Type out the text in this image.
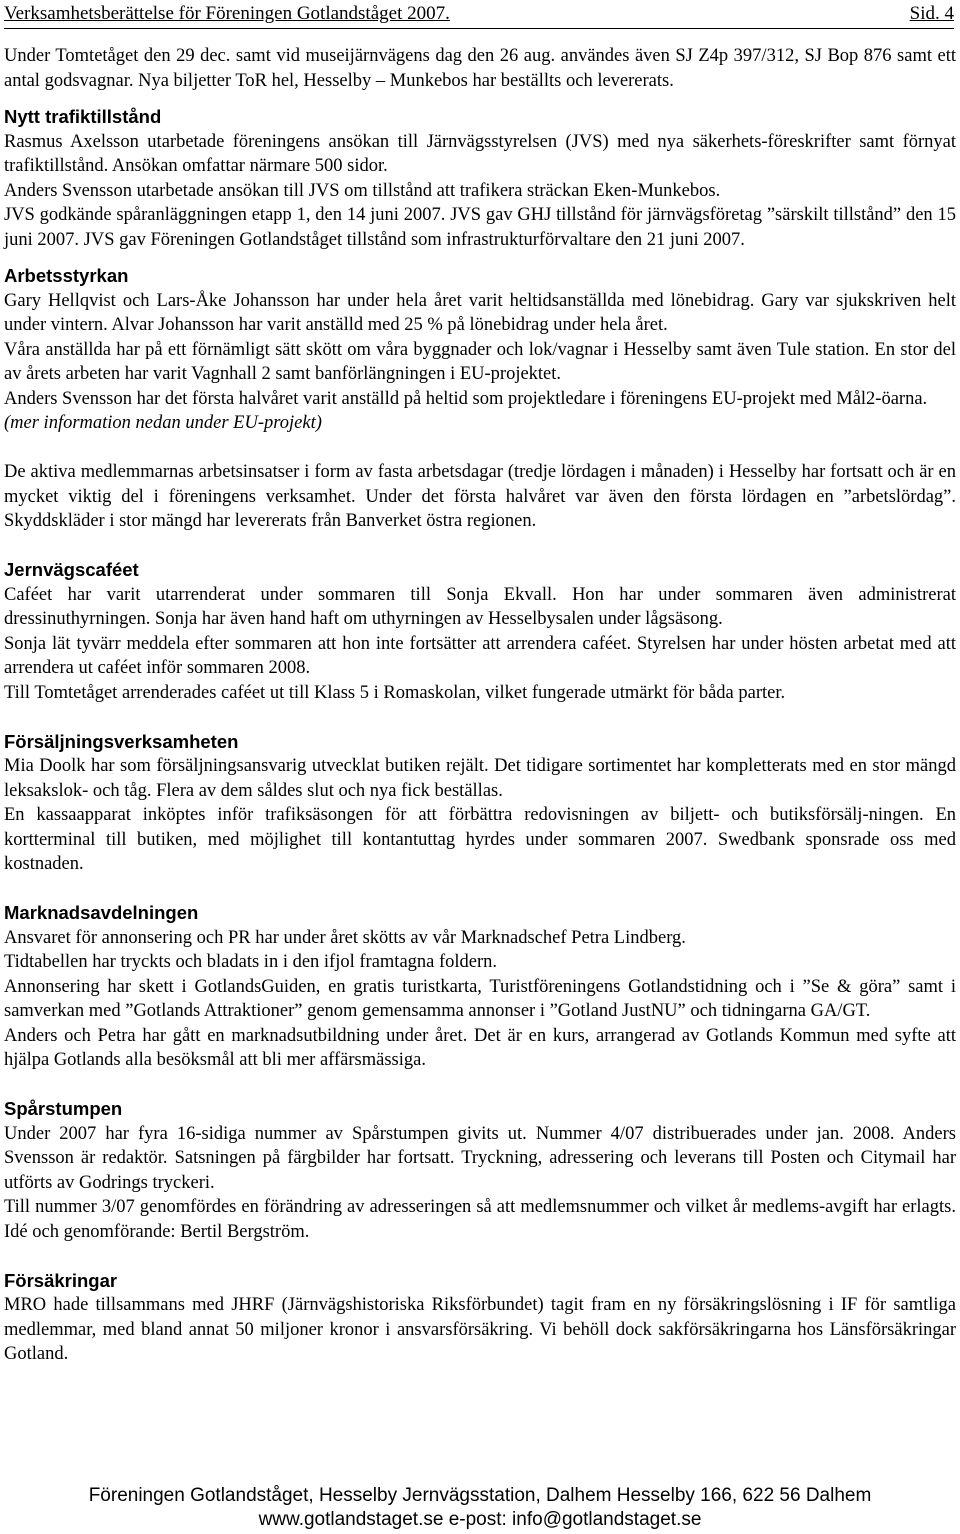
Verksamhetsberättelse för Föreningen Gotlandståget 2007.	Sid. 4

Under Tomtetåget den 29 dec. samt vid museijärnvägens dag den 26 aug. användes även SJ Z4p 397/312, SJ Bop 876 samt ett antal godsvagnar. Nya biljetter ToR hel, Hesselby – Munkebos har beställts och levererats.

Nytt trafiktillstånd

Rasmus Axelsson utarbetade föreningens ansökan till Järnvägsstyrelsen (JVS) med nya säkerhets-föreskrifter samt förnyat trafiktillstånd. Ansökan omfattar närmare 500 sidor.

Anders Svensson utarbetade ansökan till JVS om tillstånd att trafikera sträckan Eken-Munkebos.

JVS godkände spåranläggningen etapp 1, den 14 juni 2007. JVS gav GHJ tillstånd för järnvägsföretag ”särskilt tillstånd” den 15 juni 2007. JVS gav Föreningen Gotlandståget tillstånd som infrastrukturförvaltare den 21 juni 2007.

Arbetsstyrkan

Gary Hellqvist och Lars-Åke Johansson har under hela året varit heltidsanställda med lönebidrag. Gary var sjukskriven helt under vintern. Alvar Johansson har varit anställd med 25 % på lönebidrag under hela året.

Våra anställda har på ett förnämligt sätt skött om våra byggnader och lok/vagnar i Hesselby samt även Tule station. En stor del av årets arbeten har varit Vagnhall 2 samt banförlängningen i EU-projektet.

Anders Svensson har det första halvåret varit anställd på heltid som projektledare i föreningens EU-projekt med Mål2-öarna. (mer information nedan under EU-projekt)

De aktiva medlemmarnas arbetsinsatser i form av fasta arbetsdagar (tredje lördagen i månaden) i Hesselby har fortsatt och är en mycket viktig del i föreningens verksamhet. Under det första halvåret var även den första lördagen en ”arbetslördag”. Skyddskläder i stor mängd har levererats från Banverket östra regionen.

Jernvägscaféet

Caféet har varit utarrenderat under sommaren till Sonja Ekvall. Hon har under sommaren även administrerat dressinuthyrningen. Sonja har även hand haft om uthyrningen av Hesselbysalen under lågsäsong.

Sonja lät tyvärr meddela efter sommaren att hon inte fortsätter att arrendera caféet. Styrelsen har under hösten arbetat med att arrendera ut caféet inför sommaren 2008.

Till Tomtetåget arrenderades caféet ut till Klass 5 i Romaskolan, vilket fungerade utmärkt för båda parter.

Försäljningsverksamheten

Mia Doolk har som försäljningsansvarig utvecklat butiken rejält. Det tidigare sortimentet har kompletterats med en stor mängd leksakslok- och tåg. Flera av dem såldes slut och nya fick beställas.

En kassaapparat inköptes inför trafiksäsongen för att förbättra redovisningen av biljett- och butiksförsälj-ningen. En kortterminal till butiken, med möjlighet till kontantuttag hyrdes under sommaren 2007. Swedbank sponsrade oss med kostnaden.

Marknadsavdelningen

Ansvaret för annonsering och PR har under året skötts av vår Marknadschef Petra Lindberg.

Tidtabellen har tryckts och bladats in i den ifjol framtagna foldern.

Annonsering har skett i GotlandsGuiden, en gratis turistkarta, Turistföreningens Gotlandstidning och i ”Se & göra” samt i samverkan med ”Gotlands Attraktioner” genom gemensamma annonser i ”Gotland JustNU” och tidningarna GA/GT.

Anders och Petra har gått en marknadsutbildning under året. Det är en kurs, arrangerad av Gotlands Kommun med syfte att hjälpa Gotlands alla besöksmål att bli mer affärsmässiga.

Spårstumpen

Under 2007 har fyra 16-sidiga nummer av Spårstumpen givits ut. Nummer 4/07 distribuerades under jan. 2008. Anders Svensson är redaktör. Satsningen på färgbilder har fortsatt. Tryckning, adressering och leverans till Posten och Citymail har utförts av Godrings tryckeri.

Till nummer 3/07 genomfördes en förändring av adresseringen så att medlemsnummer och vilket år medlems-avgift har erlagts. Idé och genomförande: Bertil Bergström.

Försäkringar

MRO hade tillsammans med JHRF (Järnvägshistoriska Riksförbundet) tagit fram en ny försäkringslösning i IF för samtliga medlemmar, med bland annat 50 miljoner kronor i ansvarsförsäkring. Vi behöll dock sakförsäkringarna hos Länsförsäkringar Gotland.

Föreningen Gotlandståget, Hesselby Jernvägsstation, Dalhem Hesselby 166, 622 56 Dalhem
www.gotlandstaget.se e-post: info@gotlandstaget.se
